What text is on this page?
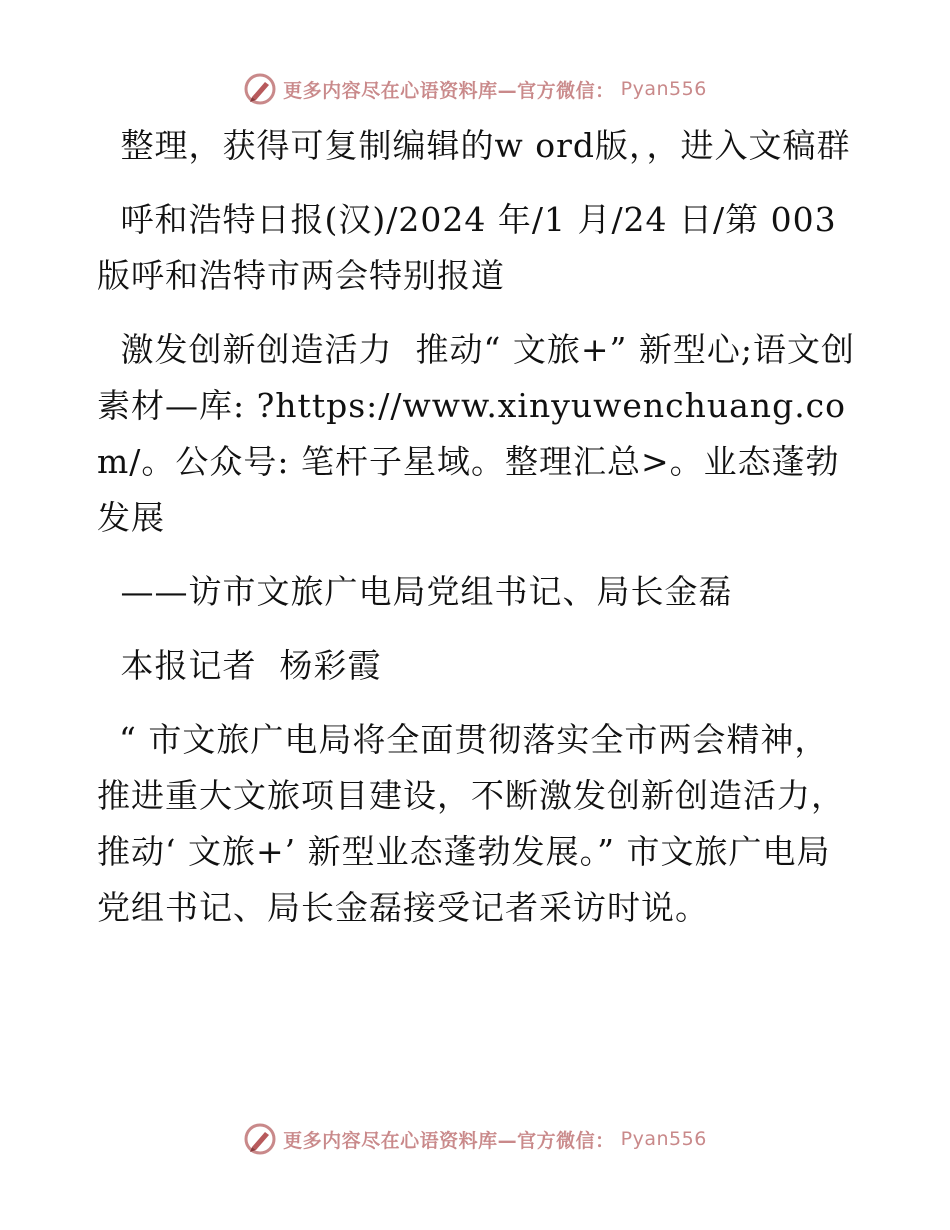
更多内容尽在心语资料库—官方微信： Pyan556

整理，获得可复制编辑的w ord版，，进入文稿群

呼和浩特日报(汉)/2024 年/1 月/24 日/第 003 版呼和浩特市两会特别报道

激发创新创造活力  推动“ 文旅+” 新型心;语文创素材—库: ?https://www.xinyuwenchuang.com/。公众号: 笔杆子星域。整理汇总>。业态蓬勃发展

——访市文旅广电局党组书记、局长金磊

本报记者  杨彩霞

“ 市文旅广电局将全面贯彻落实全市两会精神，推进重大文旅项目建设，不断激发创新创造活力，推动‘ 文旅+’ 新型业态蓬勃发展。” 市文旅广电局党组书记、局长金磊接受记者采访时说。

更多内容尽在心语资料库—官方微信： Pyan556
